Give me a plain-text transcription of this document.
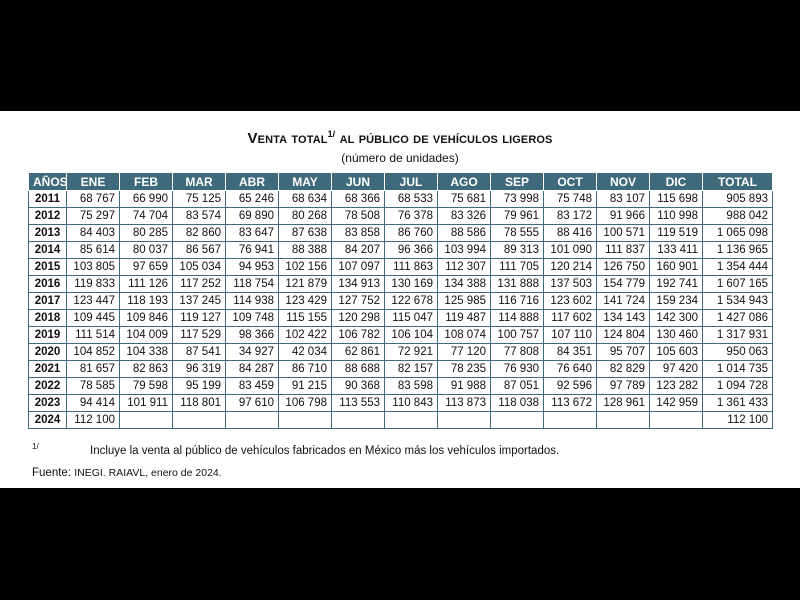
Venta total$^{1/}$ al público de vehículos ligeros
(número de unidades)
AÑOS	ENE	FEB	MAR	ABR	MAY	JUN	JUL	AGO	SEP	OCT	NOV	DIC	TOTAL
2011	68 767	66 990	75 125	65 246	68 634	68 366	68 533	75 681	73 998	75 748	83 107	115 698	905 893
2012	75 297	74 704	83 574	69 890	80 268	78 508	76 378	83 326	79 961	83 172	91 966	110 998	988 042
2013	84 403	80 285	82 860	83 647	87 638	83 858	86 760	88 586	78 555	88 416	100 571	119 519	1 065 098
2014	85 614	80 037	86 567	76 941	88 388	84 207	96 366	103 994	89 313	101 090	111 837	133 411	1 136 965
2015	103 805	97 659	105 034	94 953	102 156	107 097	111 863	112 307	111 705	120 214	126 750	160 901	1 354 444
2016	119 833	111 126	117 252	118 754	121 879	134 913	130 169	134 388	131 888	137 503	154 779	192 741	1 607 165
2017	123 447	118 193	137 245	114 938	123 429	127 752	122 678	125 985	116 716	123 602	141 724	159 234	1 534 943
2018	109 445	109 846	119 127	109 748	115 155	120 298	115 047	119 487	114 888	117 602	134 143	142 300	1 427 086
2019	111 514	104 009	117 529	98 366	102 422	106 782	106 104	108 074	100 757	107 110	124 804	130 460	1 317 931
2020	104 852	104 338	87 541	34 927	42 034	62 861	72 921	77 120	77 808	84 351	95 707	105 603	950 063
2021	81 657	82 863	96 319	84 287	86 710	88 688	82 157	78 235	76 930	76 640	82 829	97 420	1 014 735
2022	78 585	79 598	95 199	83 459	91 215	90 368	83 598	91 988	87 051	92 596	97 789	123 282	1 094 728
2023	94 414	101 911	118 801	97 610	106 798	113 553	110 843	113 873	118 038	113 672	128 961	142 959	1 361 433
2024	112 100												112 100
1/	Incluye la venta al público de vehículos fabricados en México más los vehículos importados.
Fuente: INEGI. RAIAVL, enero de 2024.
